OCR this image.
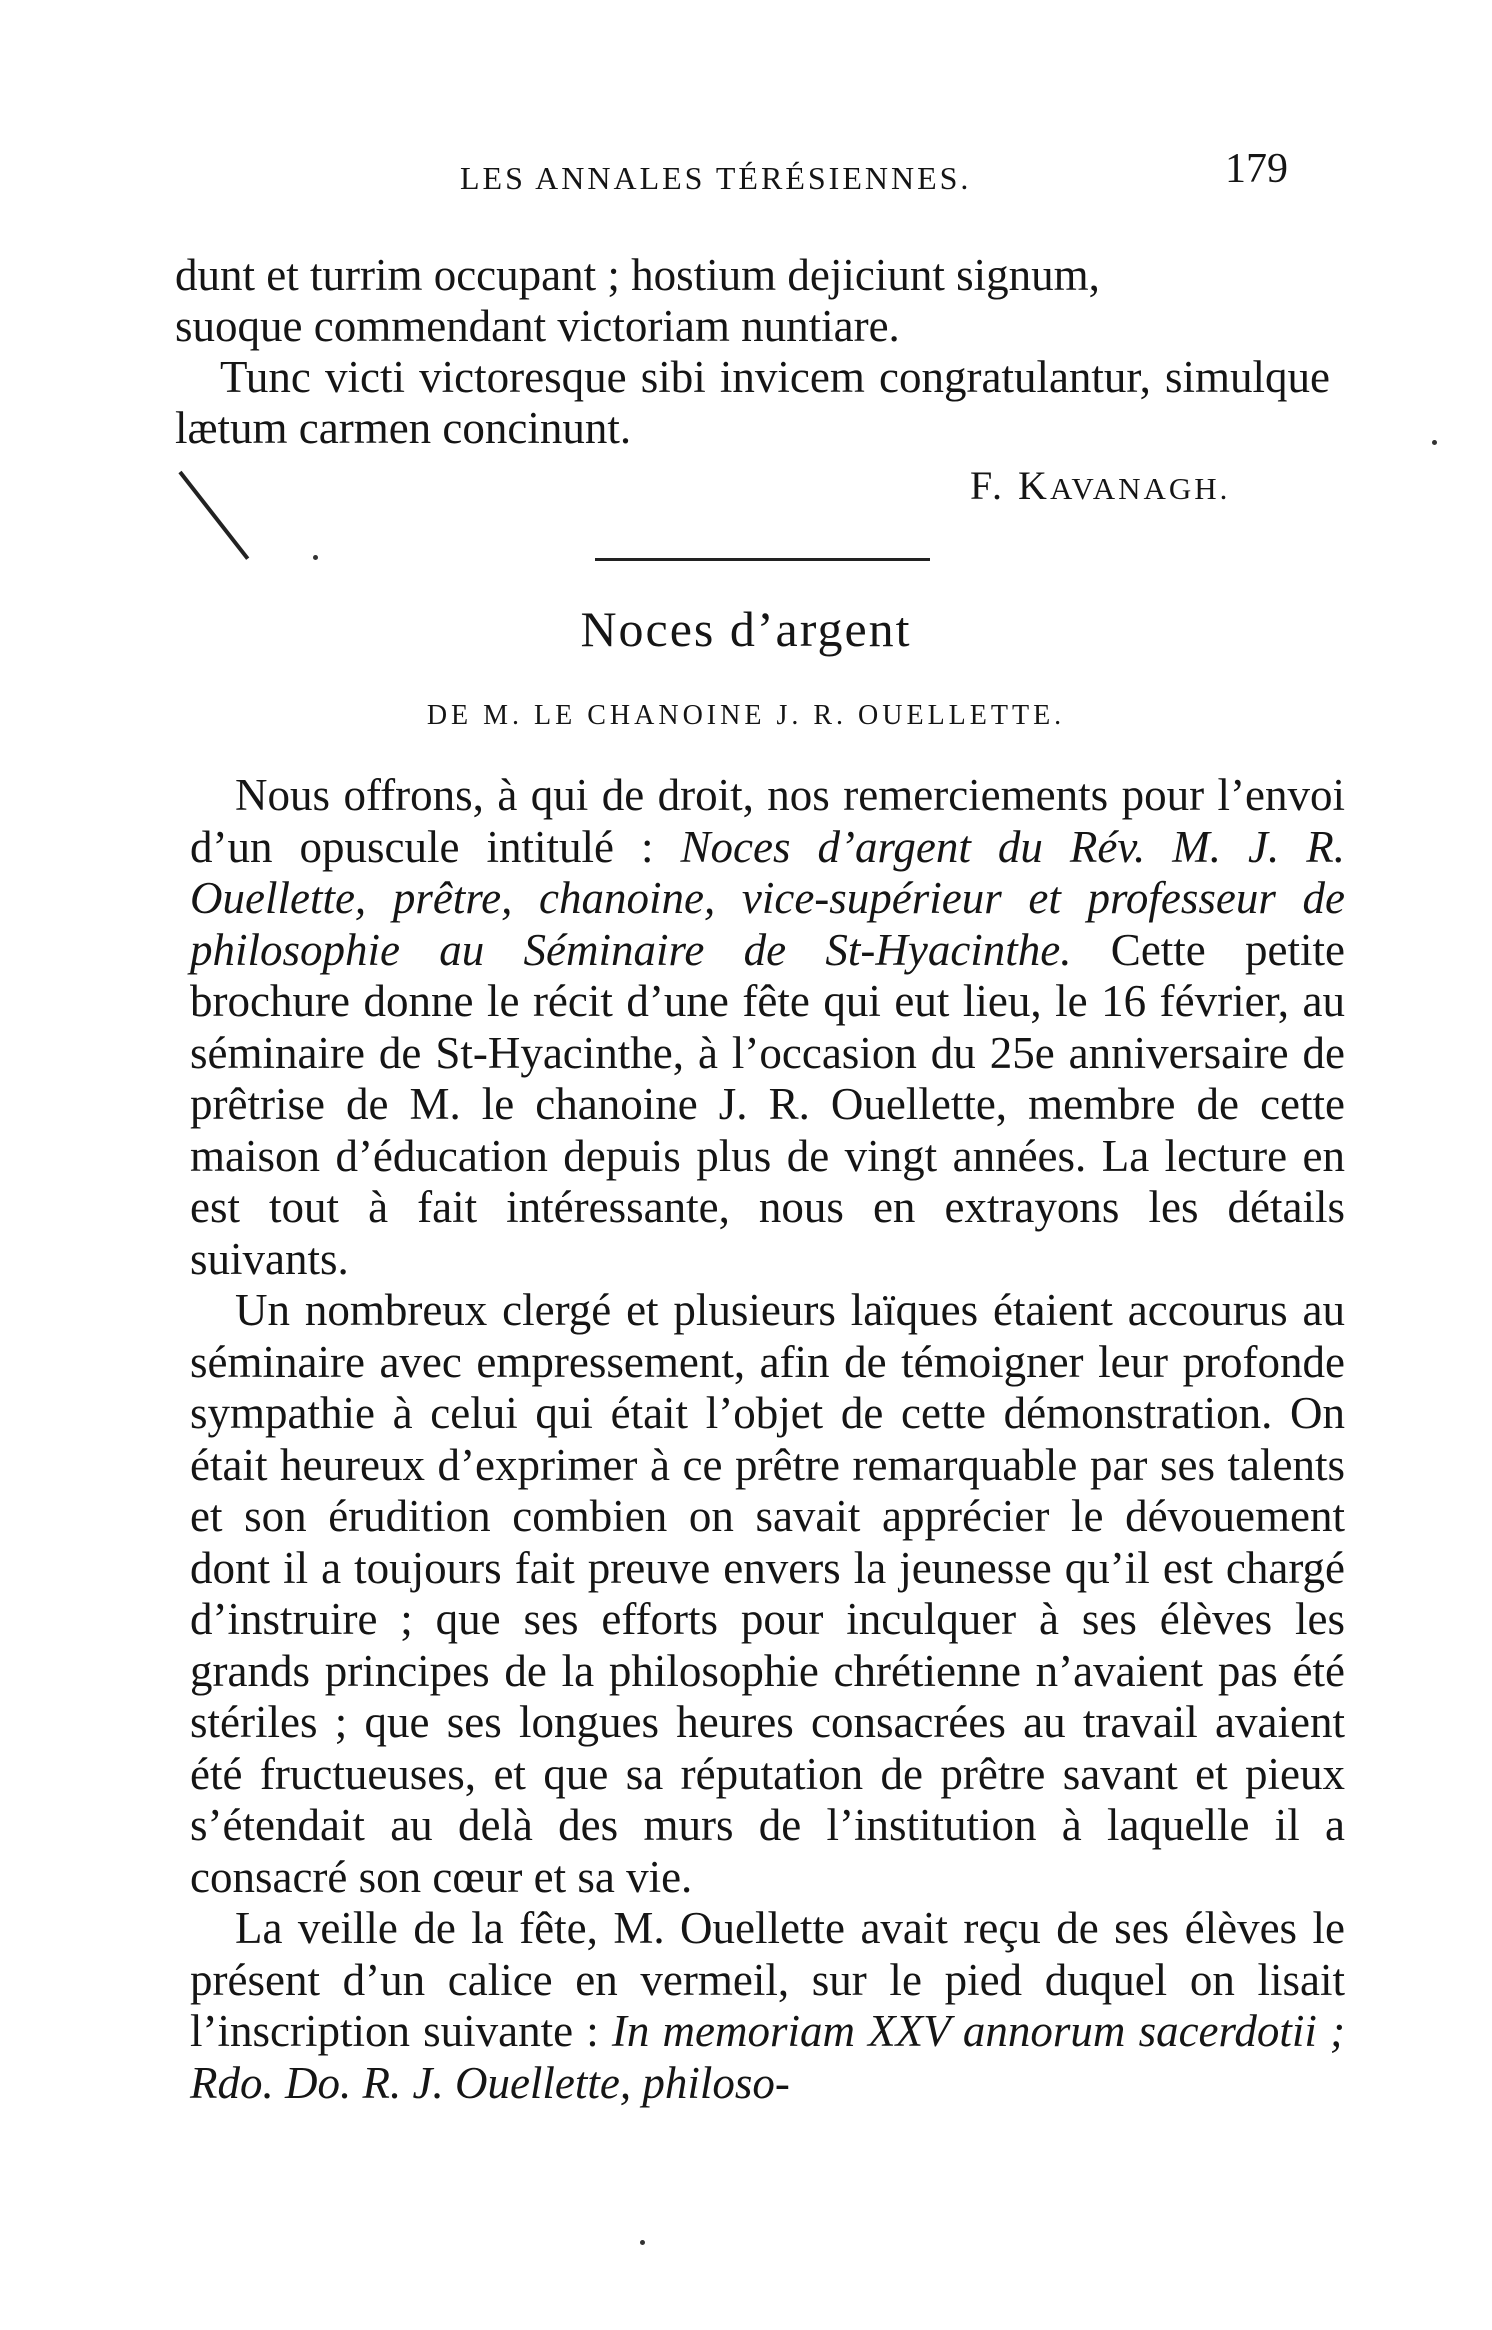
LES ANNALES TÉRÉSIENNES.	179

dunt et turrim occupant ; hostium dejiciunt signum,

suoque commendant victoriam nuntiare.

Tunc victi victoresque sibi invicem congratulantur, simulque lætum carmen concinunt.

F. KAVANAGH.
Noces d’argent
DE M. LE CHANOINE J. R. OUELLETTE.

Nous offrons, à qui de droit, nos remerciements pour l’envoi d’un opuscule intitulé : Noces d’argent du Rév. M. J. R. Ouellette, prêtre, chanoine, vice-supérieur et professeur de philosophie au Séminaire de St-Hyacinthe. Cette petite brochure donne le récit d’une fête qui eut lieu, le 16 février, au séminaire de St-Hyacinthe, à l’occasion du 25e anniversaire de prêtrise de M. le chanoine J. R. Ouellette, membre de cette maison d’éducation depuis plus de vingt années. La lecture en est tout à fait intéressante, nous en extrayons les détails suivants.

Un nombreux clergé et plusieurs laïques étaient accourus au séminaire avec empressement, afin de témoigner leur profonde sympathie à celui qui était l’objet de cette démonstration. On était heureux d’exprimer à ce prêtre remarquable par ses talents et son érudition combien on savait apprécier le dévouement dont il a toujours fait preuve envers la jeunesse qu’il est chargé d’instruire ; que ses efforts pour inculquer à ses élèves les grands principes de la philosophie chrétienne n’avaient pas été stériles ; que ses longues heures consacrées au travail avaient été fructueuses, et que sa réputation de prêtre savant et pieux s’étendait au delà des murs de l’institution à laquelle il a consacré son cœur et sa vie.

La veille de la fête, M. Ouellette avait reçu de ses élèves le présent d’un calice en vermeil, sur le pied duquel on lisait l’inscription suivante : In memoriam XXV annorum sacerdotii ; Rdo. Do. R. J. Ouellette, philoso-
